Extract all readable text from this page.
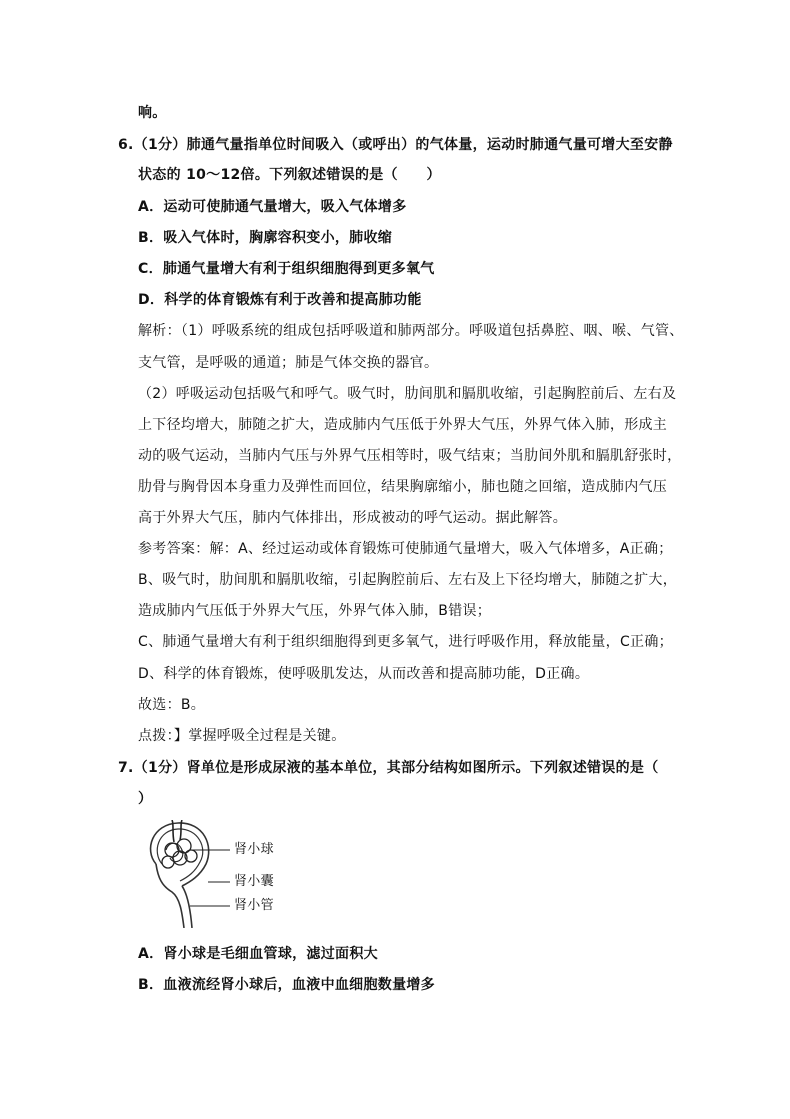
响。
6.（1分）肺通气量指单位时间吸入（或呼出）的气体量，运动时肺通气量可增大至安静
状态的 10～12倍。下列叙述错误的是（　　）
A．运动可使肺通气量增大，吸入气体增多
B．吸入气体时，胸廓容积变小，肺收缩
C．肺通气量增大有利于组织细胞得到更多氧气
D．科学的体育锻炼有利于改善和提高肺功能
解析：（1）呼吸系统的组成包括呼吸道和肺两部分。呼吸道包括鼻腔、咽、喉、气管、
支气管，是呼吸的通道；肺是气体交换的器官。
（2）呼吸运动包括吸气和呼气。吸气时，肋间肌和膈肌收缩，引起胸腔前后、左右及
上下径均增大，肺随之扩大，造成肺内气压低于外界大气压，外界气体入肺，形成主
动的吸气运动，当肺内气压与外界气压相等时，吸气结束；当肋间外肌和膈肌舒张时，
肋骨与胸骨因本身重力及弹性而回位，结果胸廓缩小，肺也随之回缩，造成肺内气压
高于外界大气压，肺内气体排出，形成被动的呼气运动。据此解答。
参考答案：解：A、经过运动或体育锻炼可使肺通气量增大，吸入气体增多，A正确；
B、吸气时，肋间肌和膈肌收缩，引起胸腔前后、左右及上下径均增大，肺随之扩大，
造成肺内气压低于外界大气压，外界气体入肺，B错误；
C、肺通气量增大有利于组织细胞得到更多氧气，进行呼吸作用，释放能量，C正确；
D、科学的体育锻炼，使呼吸肌发达，从而改善和提高肺功能，D正确。
故选：B。
点拨：】掌握呼吸全过程是关键。
7.（1分）肾单位是形成尿液的基本单位，其部分结构如图所示。下列叙述错误的是（
）
肾小球
肾小囊
肾小管
A．肾小球是毛细血管球，滤过面积大
B．血液流经肾小球后，血液中血细胞数量增多
